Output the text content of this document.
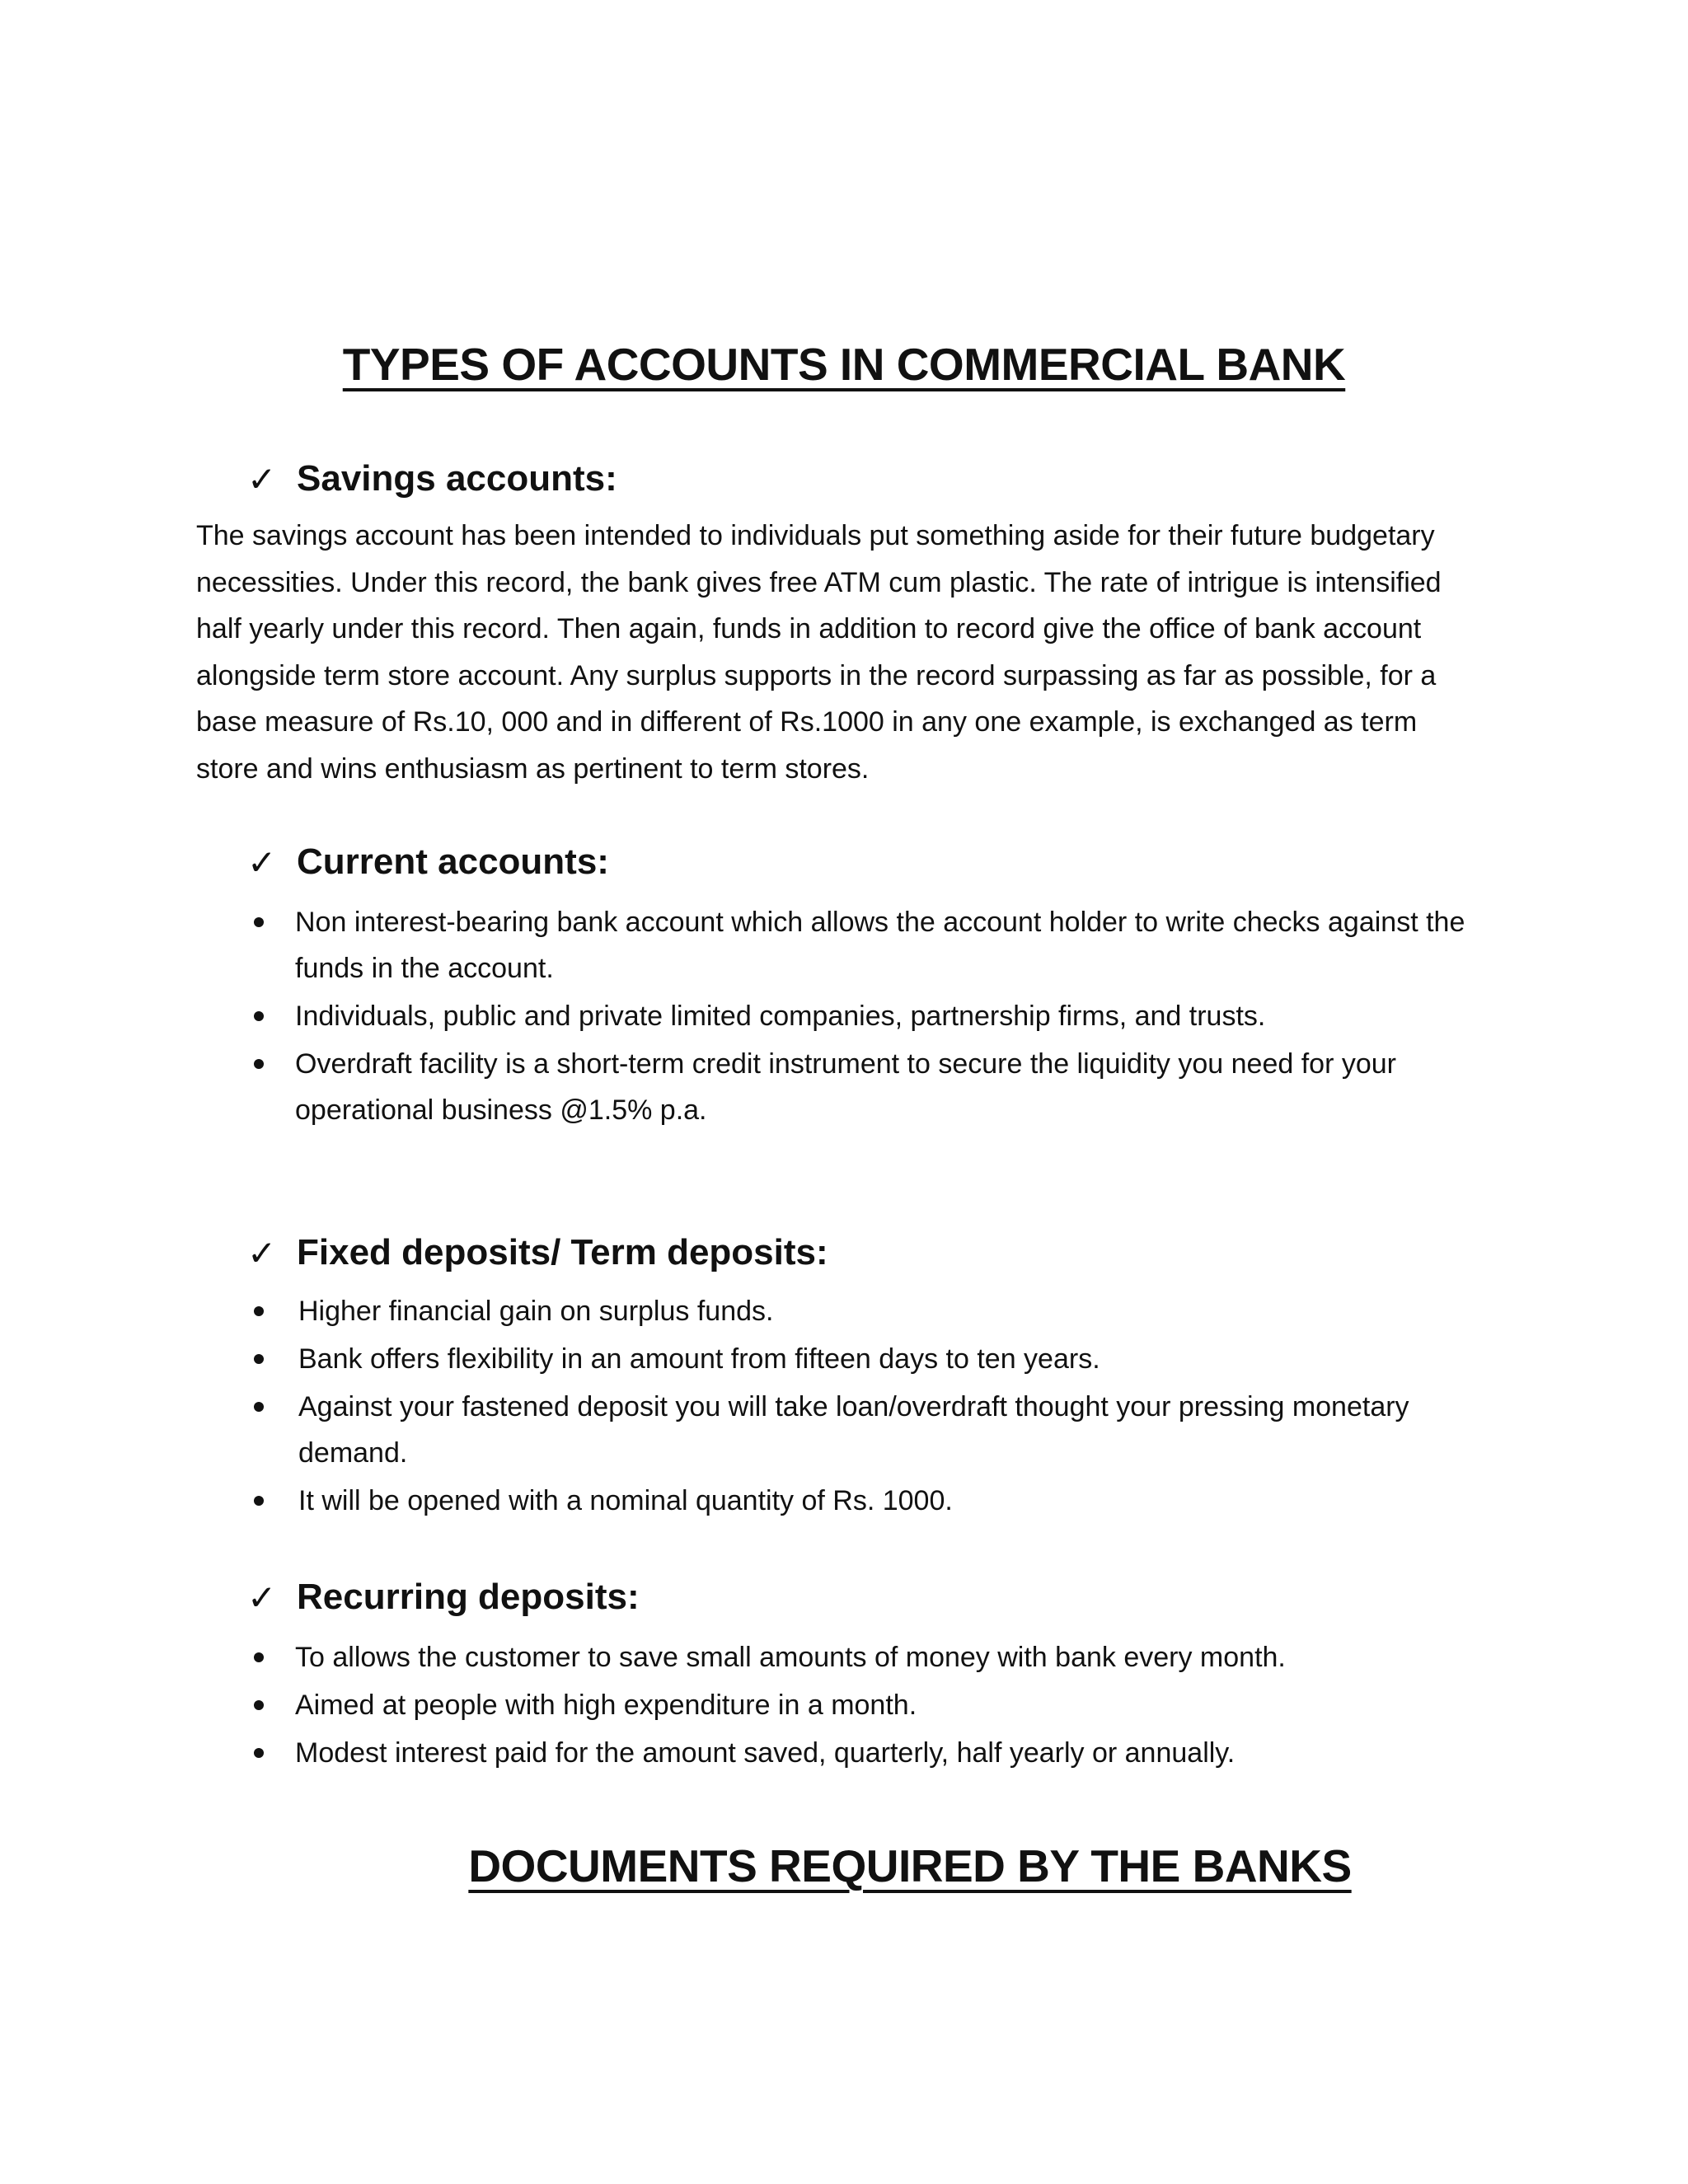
TYPES OF ACCOUNTS IN COMMERCIAL BANK
✓ Savings accounts:

The savings account has been intended to individuals put something aside for their future budgetary necessities. Under this record, the bank gives free ATM cum plastic. The rate of intrigue is intensified half yearly under this record. Then again, funds in addition to record give the office of bank account alongside term store account. Any surplus supports in the record surpassing as far as possible, for a base measure of Rs.10, 000 and in different of Rs.1000 in any one example, is exchanged as term store and wins enthusiasm as pertinent to term stores.

✓ Current accounts:
Non interest-bearing bank account which allows the account holder to write checks against the funds in the account.
Individuals, public and private limited companies, partnership firms, and trusts.
Overdraft facility is a short-term credit instrument to secure the liquidity you need for your operational business @1.5% p.a.
✓ Fixed deposits/ Term deposits:
Higher financial gain on surplus funds.
Bank offers flexibility in an amount from fifteen days to ten years.
Against your fastened deposit you will take loan/overdraft thought your pressing monetary demand.
It will be opened with a nominal quantity of Rs. 1000.
✓ Recurring deposits:
To allows the customer to save small amounts of money with bank every month.
Aimed at people with high expenditure in a month.
Modest interest paid for the amount saved, quarterly, half yearly or annually.
DOCUMENTS REQUIRED BY THE BANKS
